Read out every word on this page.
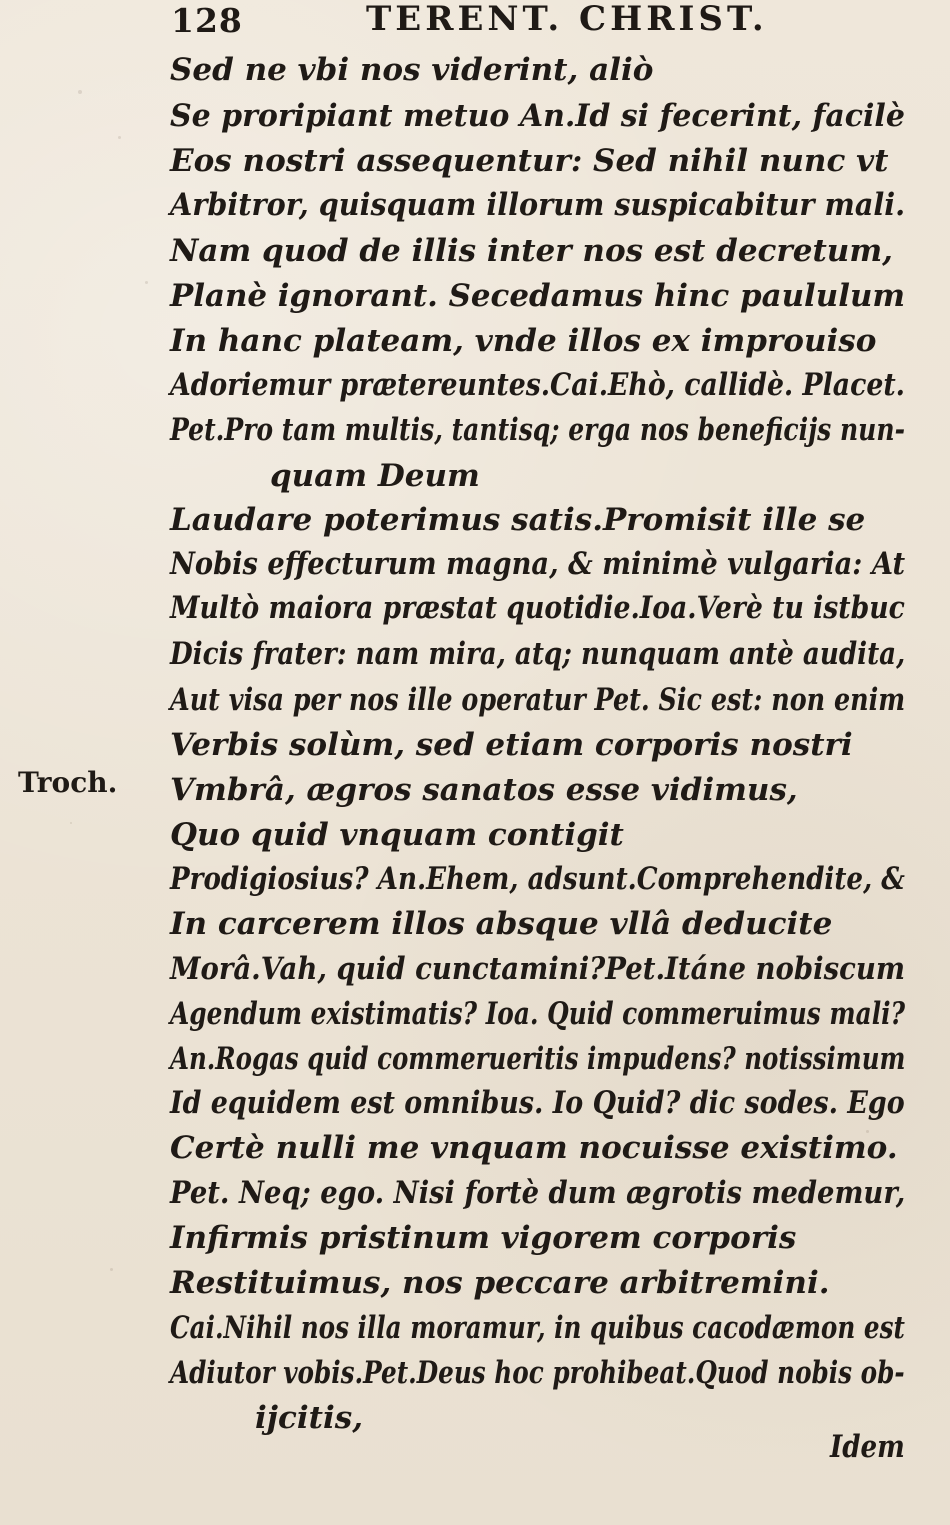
128	TERENT. CHRIST.
Troch.
Sed ne vbi nos viderint, aliò
Se proripiant metuo An.Id si fecerint, facilè
Eos nostri assequentur: Sed nihil nunc vt
Arbitror, quisquam illorum suspicabitur mali.
Nam quod de illis inter nos est decretum,
Planè ignorant. Secedamus hinc paululum
In hanc plateam, vnde illos ex improuiso
Adoriemur prætereuntes.Cai.Ehò, callidè. Placet.
Pet.Pro tam multis, tantisq; erga nos beneficijs nun-
quam Deum
Laudare poterimus satis.Promisit ille se
Nobis effecturum magna, & minimè vulgaria: At
Multò maiora præstat quotidie.Ioa.Verè tu istbuc
Dicis frater: nam mira, atq; nunquam antè audita,
Aut visa per nos ille operatur Pet. Sic est: non enim
Verbis solùm, sed etiam corporis nostri
Vmbrâ, ægros sanatos esse vidimus,
Quo quid vnquam contigit
Prodigiosius? An.Ehem, adsunt.Comprehendite, &
In carcerem illos absque vllâ deducite
Morâ.Vah, quid cunctamini?Pet.Itáne nobiscum
Agendum existimatis? Ioa. Quid commeruimus mali?
An.Rogas quid commerueritis impudens? notissimum
Id equidem est omnibus. Io Quid? dic sodes. Ego
Certè nulli me vnquam nocuisse existimo.
Pet. Neq; ego. Nisi fortè dum ægrotis medemur,
Infirmis pristinum vigorem corporis
Restituimus, nos peccare arbitremini.
Cai.Nihil nos illa moramur, in quibus cacodæmon est
Adiutor vobis.Pet.Deus hoc prohibeat.Quod nobis ob-
ijcitis,
Idem
